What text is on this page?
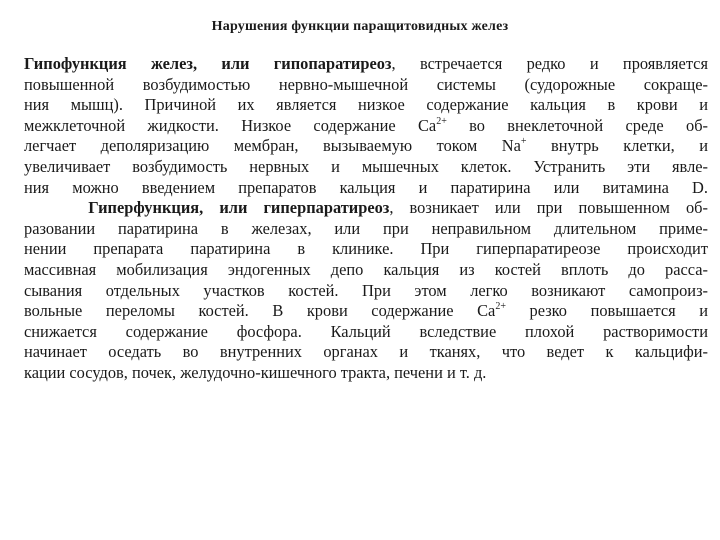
Нарушения функции паращитовидных желез
Гипофункция желез, или гипопаратиреоз, встречается редко и проявляется
повышенной возбудимостью нервно-мышечной системы (судорожные сокраще-
ния мышц). Причиной их является низкое содержание кальция в крови и
межклеточной жидкости. Низкое содержание $Ca^{2+}$ во внеклеточной среде об-
легчает деполяризацию мембран, вызываемую током Na+ внутрь клетки, и
увеличивает возбудимость нервных и мышечных клеток. Устранить эти явле-
ния можно введением препаратов кальция и паратирина или витамина D.
Гиперфункция, или гиперпаратиреоз, возникает или при повышенном об-
разовании паратирина в железах, или при неправильном длительном приме-
нении препарата паратирина в клинике. При гиперпаратиреозе происходит
массивная мобилизация эндогенных депо кальция из костей вплоть до расса-
сывания отдельных участков костей. При этом легко возникают самопроиз-
вольные переломы костей. В крови содержание $Ca^{2+}$ резко повышается и
снижается содержание фосфора. Кальций вследствие плохой растворимости
начинает оседать во внутренних органах и тканях, что ведет к кальцифи-
кации сосудов, почек, желудочно-кишечного тракта, печени и т. д.
